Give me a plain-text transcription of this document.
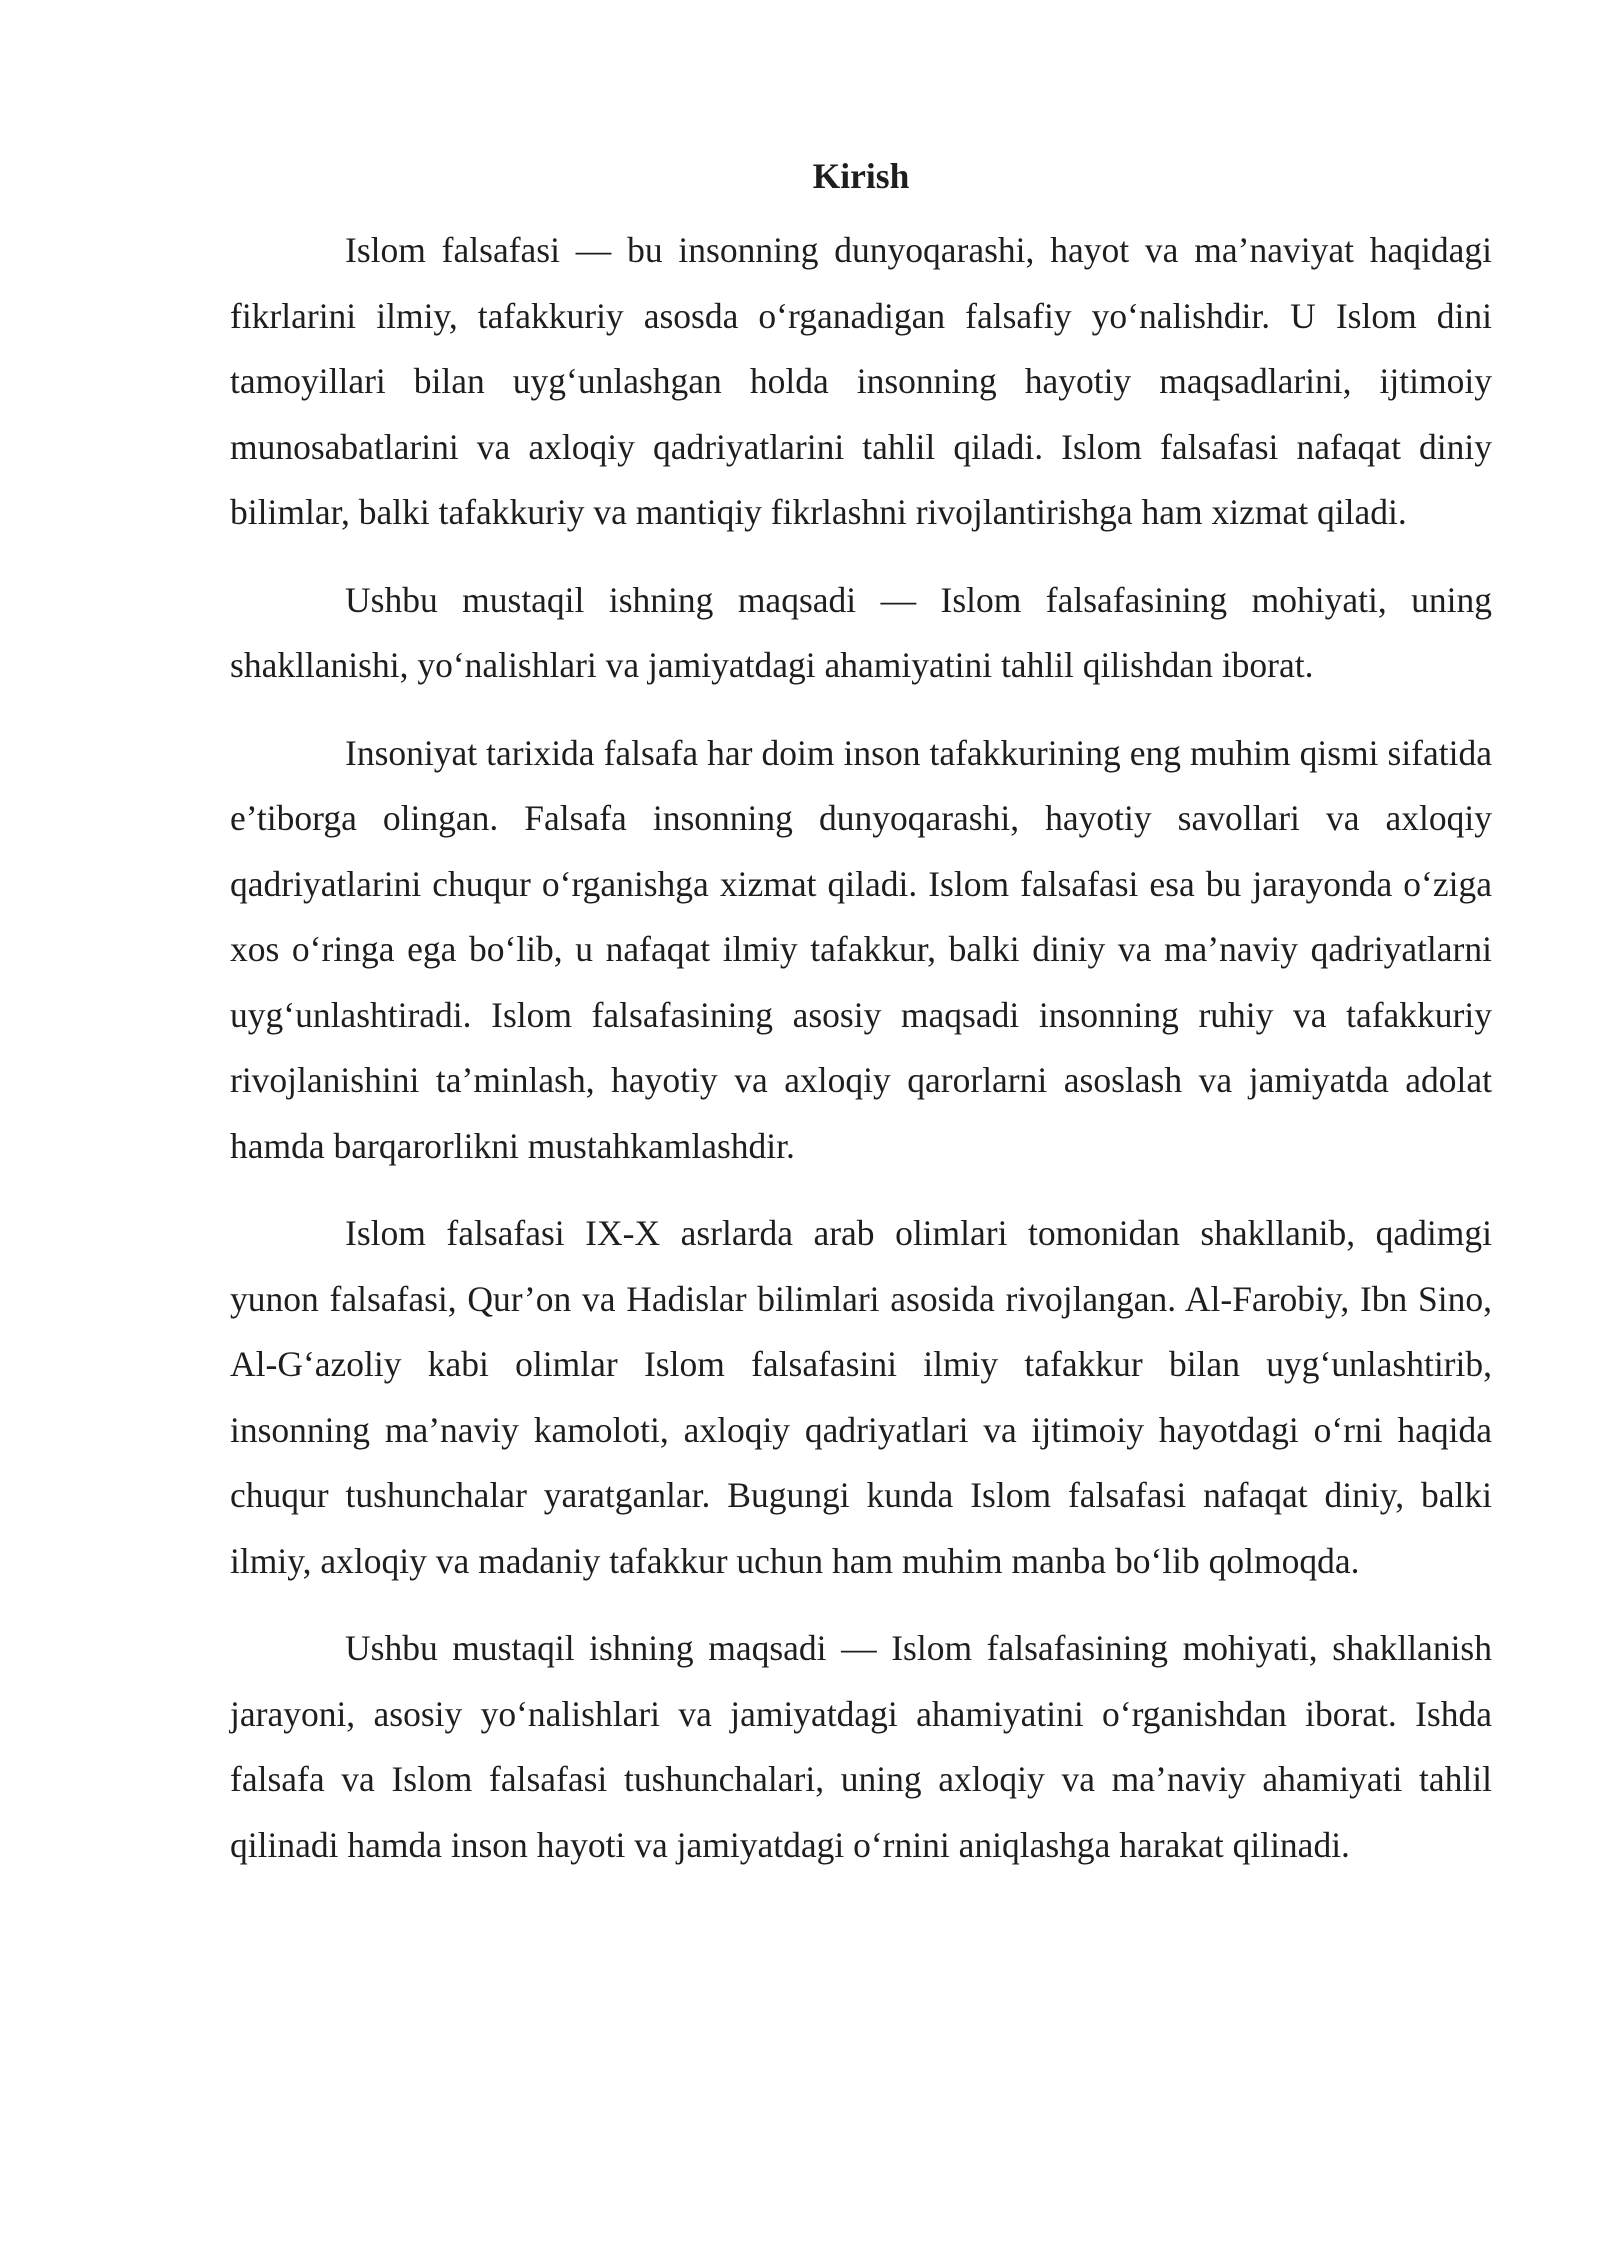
Kirish

Islom falsafasi — bu insonning dunyoqarashi, hayot va ma’naviyat haqidagi fikrlarini ilmiy, tafakkuriy asosda o‘rganadigan falsafiy yo‘nalishdir. U Islom dini tamoyillari bilan uyg‘unlashgan holda insonning hayotiy maqsadlarini, ijtimoiy munosabatlarini va axloqiy qadriyatlarini tahlil qiladi. Islom falsafasi nafaqat diniy bilimlar, balki tafakkuriy va mantiqiy fikrlashni rivojlantirishga ham xizmat qiladi.

Ushbu mustaqil ishning maqsadi — Islom falsafasining mohiyati, uning shakllanishi, yo‘nalishlari va jamiyatdagi ahamiyatini tahlil qilishdan iborat.

Insoniyat tarixida falsafa har doim inson tafakkurining eng muhim qismi sifatida e’tiborga olingan. Falsafa insonning dunyoqarashi, hayotiy savollari va axloqiy qadriyatlarini chuqur o‘rganishga xizmat qiladi. Islom falsafasi esa bu jarayonda o‘ziga xos o‘ringa ega bo‘lib, u nafaqat ilmiy tafakkur, balki diniy va ma’naviy qadriyatlarni uyg‘unlashtiradi. Islom falsafasining asosiy maqsadi insonning ruhiy va tafakkuriy rivojlanishini ta’minlash, hayotiy va axloqiy qarorlarni asoslash va jamiyatda adolat hamda barqarorlikni mustahkamlashdir.

Islom falsafasi IX-X asrlarda arab olimlari tomonidan shakllanib, qadimgi yunon falsafasi, Qur’on va Hadislar bilimlari asosida rivojlangan. Al-Farobiy, Ibn Sino, Al-G‘azoliy kabi olimlar Islom falsafasini ilmiy tafakkur bilan uyg‘unlashtirib, insonning ma’naviy kamoloti, axloqiy qadriyatlari va ijtimoiy hayotdagi o‘rni haqida chuqur tushunchalar yaratganlar. Bugungi kunda Islom falsafasi nafaqat diniy, balki ilmiy, axloqiy va madaniy tafakkur uchun ham muhim manba bo‘lib qolmoqda.

Ushbu mustaqil ishning maqsadi — Islom falsafasining mohiyati, shakllanish jarayoni, asosiy yo‘nalishlari va jamiyatdagi ahamiyatini o‘rganishdan iborat. Ishda falsafa va Islom falsafasi tushunchalari, uning axloqiy va ma’naviy ahamiyati tahlil qilinadi hamda inson hayoti va jamiyatdagi o‘rnini aniqlashga harakat qilinadi.
